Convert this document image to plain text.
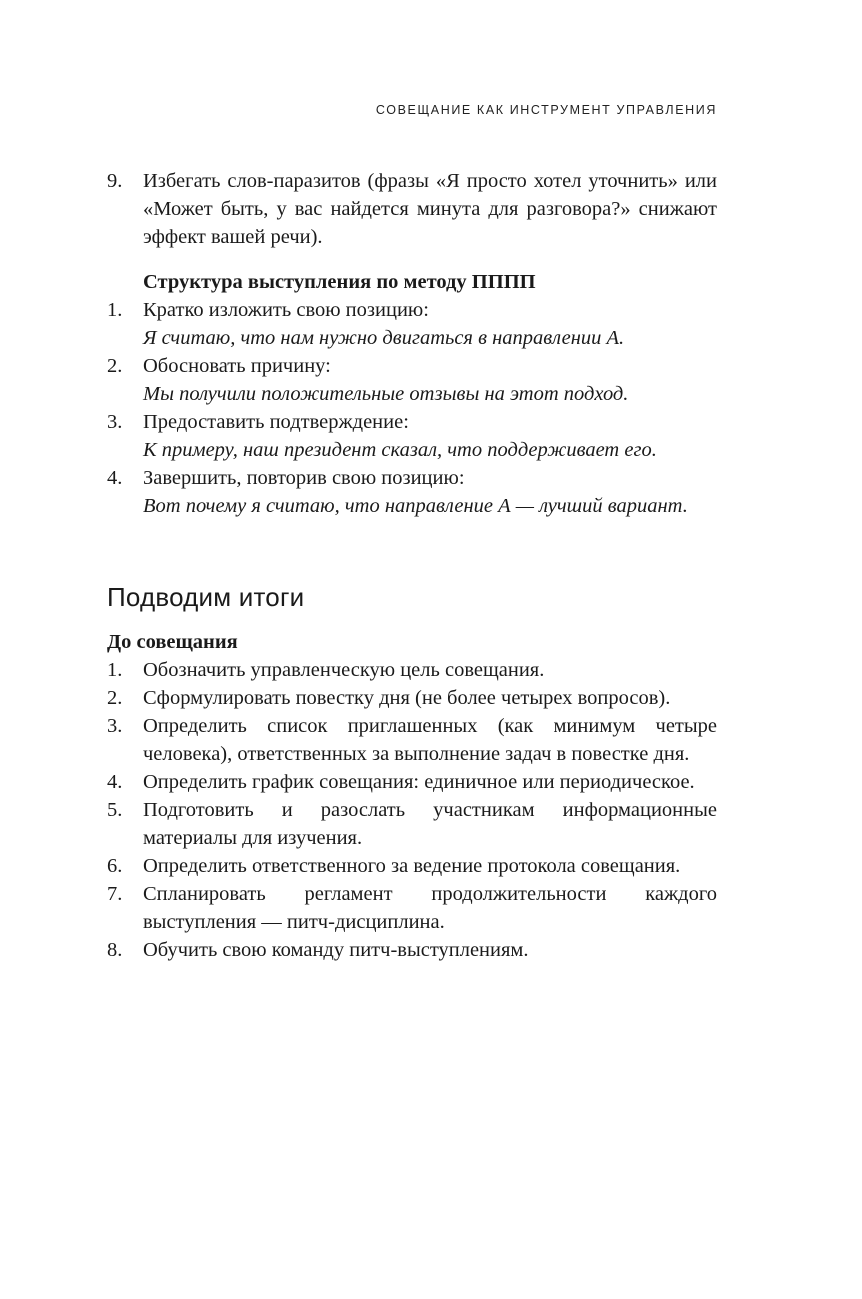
СОВЕЩАНИЕ КАК ИНСТРУМЕНТ УПРАВЛЕНИЯ
9.	Избегать слов-паразитов (фразы «Я просто хотел уточнить» или «Может быть, у вас найдется минута для разговора?» снижают эффект вашей речи).
Структура выступления по методу ПППП
1.	Кратко изложить свою позицию:
Я считаю, что нам нужно двигаться в направлении А.
2.	Обосновать причину:
Мы получили положительные отзывы на этот подход.
3.	Предоставить подтверждение:
К примеру, наш президент сказал, что поддерживает его.
4.	Завершить, повторив свою позицию:
Вот почему я считаю, что направление А — лучший вариант.
Подводим итоги
До совещания
1.	Обозначить управленческую цель совещания.
2.	Сформулировать повестку дня (не более четырех вопросов).
3.	Определить список приглашенных (как минимум четыре человека), ответственных за выполнение задач в повестке дня.
4.	Определить график совещания: единичное или периодическое.
5.	Подготовить и разослать участникам информационные материалы для изучения.
6.	Определить ответственного за ведение протокола совещания.
7.	Спланировать регламент продолжительности каждого выступления — питч-дисциплина.
8.	Обучить свою команду питч-выступлениям.
